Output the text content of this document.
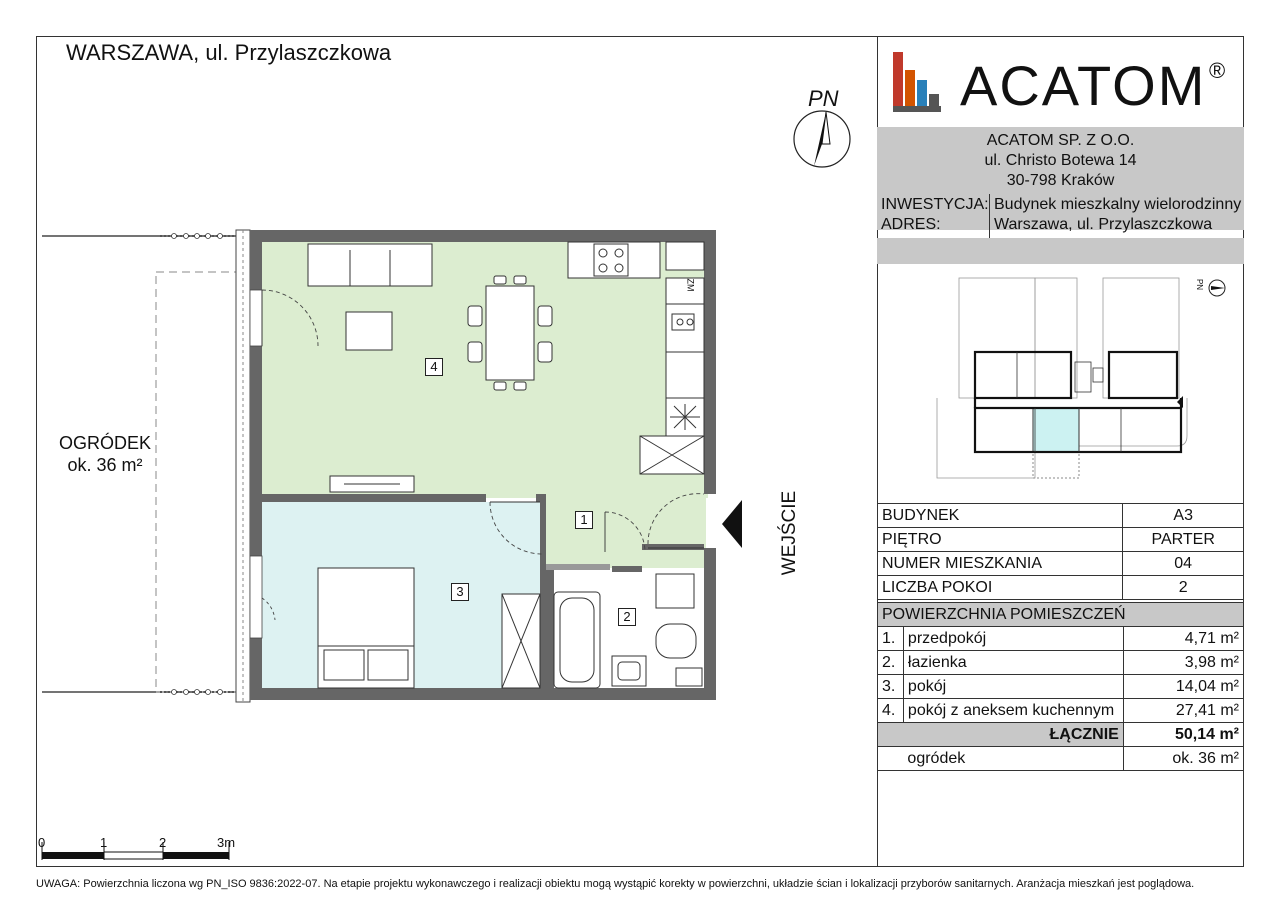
WARSZAWA, ul. Przylaszczkowa
4
1
2
3
ZM
OGRÓDEK
ok. 36 m²
WEJŚCIE
PN
0	1	2	3m
ACATOM ®
ACATOM SP. Z O.O.
ul. Christo Botewa 14
30-798 Kraków
INWESTYCJA: Budynek mieszkalny wielorodzinny
ADRES:	Warszawa, ul. Przylaszczkowa
PN
BUDYNEK	A3
PIĘTRO	PARTER
NUMER MIESZKANIA	04
LICZBA POKOI	2
POWIERZCHNIA POMIESZCZEŃ		
1.	przedpokój	4,71 m²
2.	łazienka	3,98 m²
3.	pokój	14,04 m²
4.	pokój z aneksem kuchennym	27,41 m²
ŁĄCZNIE		50,14 m²
	ogródek	ok. 36 m²
UWAGA: Powierzchnia liczona wg PN_ISO 9836:2022-07. Na etapie projektu wykonawczego i realizacji obiektu mogą wystąpić korekty w powierzchni, układzie ścian i lokalizacji przyborów sanitarnych. Aranżacja mieszkań jest poglądowa.
